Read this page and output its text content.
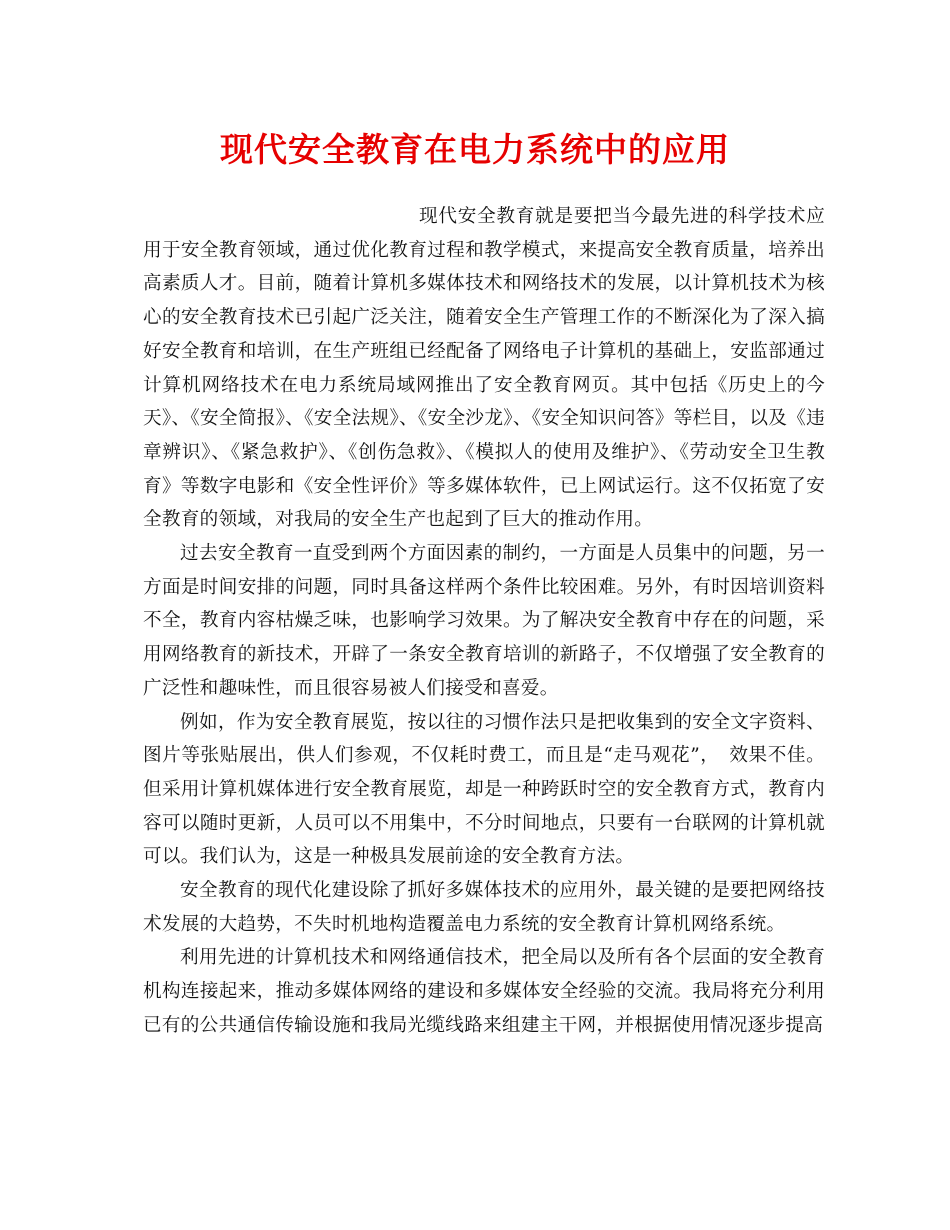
现代安全教育在电力系统中的应用

现代安全教育就是要把当今最先进的科学技术应用于安全教育领域，通过优化教育过程和教学模式，来提高安全教育质量，培养出高素质人才。目前，随着计算机多媒体技术和网络技术的发展，以计算机技术为核心的安全教育技术已引起广泛关注，随着安全生产管理工作的不断深化为了深入搞好安全教育和培训，在生产班组已经配备了网络电子计算机的基础上，安监部通过计算机网络技术在电力系统局域网推出了安全教育网页。其中包括《历史上的今天》、《安全简报》、《安全法规》、《安全沙龙》、《安全知识问答》等栏目，以及《违章辨识》、《紧急救护》、《创伤急救》、《模拟人的使用及维护》、《劳动安全卫生教育》等数字电影和《安全性评价》等多媒体软件，已上网试运行。这不仅拓宽了安全教育的领域，对我局的安全生产也起到了巨大的推动作用。

过去安全教育一直受到两个方面因素的制约，一方面是人员集中的问题，另一方面是时间安排的问题，同时具备这样两个条件比较困难。另外，有时因培训资料不全，教育内容枯燥乏味，也影响学习效果。为了解决安全教育中存在的问题，采用网络教育的新技术，开辟了一条安全教育培训的新路子，不仅增强了安全教育的广泛性和趣味性，而且很容易被人们接受和喜爱。

例如，作为安全教育展览，按以往的习惯作法只是把收集到的安全文字资料、图片等张贴展出，供人们参观，不仅耗时费工，而且是“走马观花”，　效果不佳。但采用计算机媒体进行安全教育展览，却是一种跨跃时空的安全教育方式，教育内容可以随时更新，人员可以不用集中，不分时间地点，只要有一台联网的计算机就可以。我们认为，这是一种极具发展前途的安全教育方法。

安全教育的现代化建设除了抓好多媒体技术的应用外，最关键的是要把网络技术发展的大趋势，不失时机地构造覆盖电力系统的安全教育计算机网络系统。

利用先进的计算机技术和网络通信技术，把全局以及所有各个层面的安全教育机构连接起来，推动多媒体网络的建设和多媒体安全经验的交流。我局将充分利用已有的公共通信传输设施和我局光缆线路来组建主干网，并根据使用情况逐步提高
